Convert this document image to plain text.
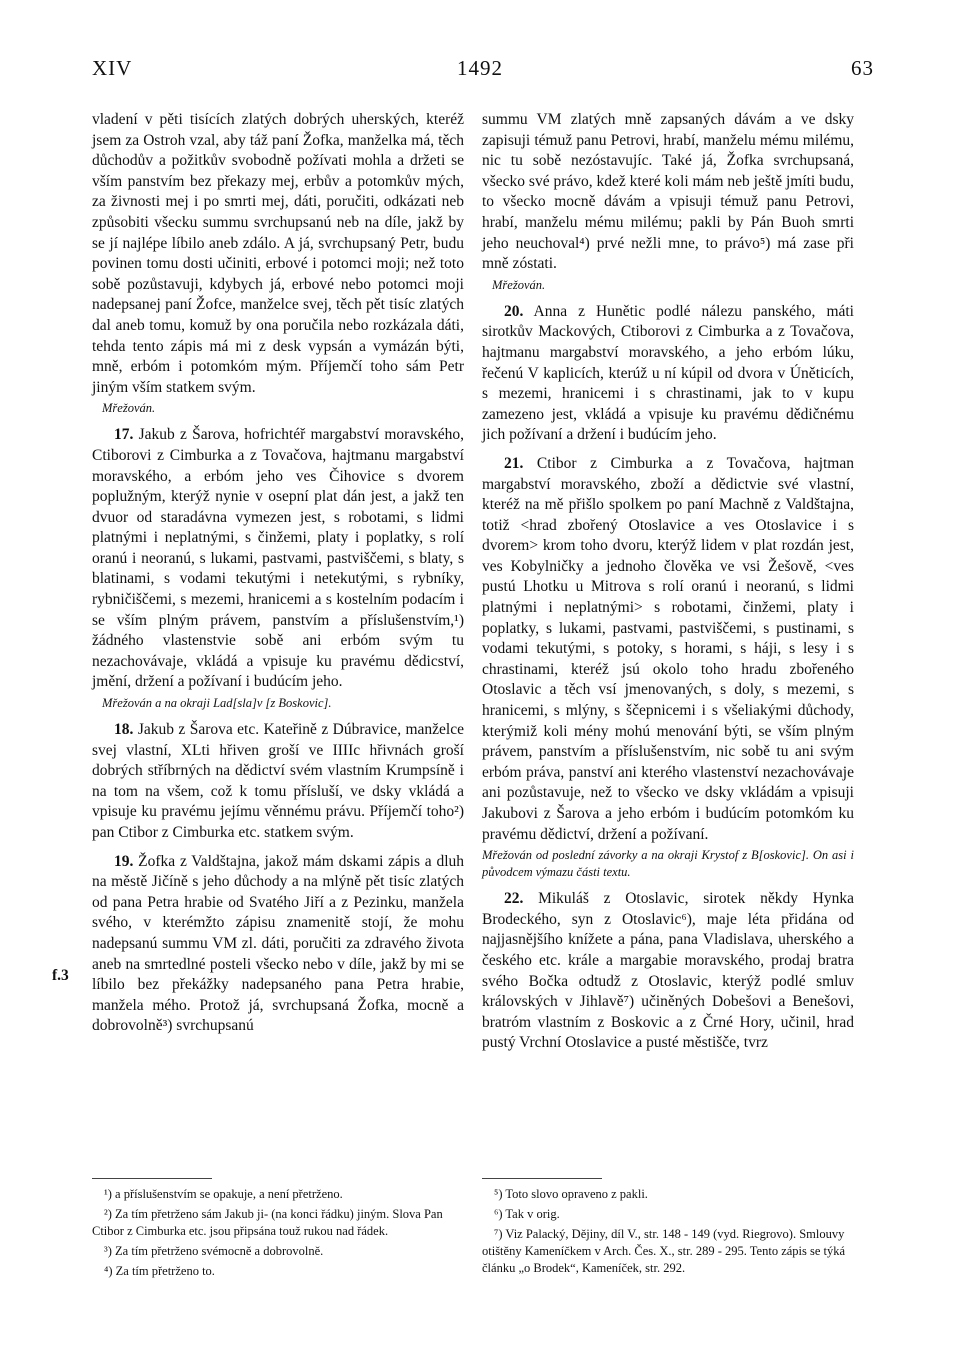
XIV	1492	63
f.3

vladení v pěti tisících zlatých dobrých uherských, kteréž jsem za Ostroh vzal, aby táž paní Žofka, manželka má, těch důchodův a požitkův svobodně požívati mohla a držeti se vším panstvím bez překazy mej, erbův a potomkův mých, za živnosti mej i po smrti mej, dáti, poručiti, odkázati neb způsobiti všecku summu svrchupsanú neb na díle, jakž by se jí najlépe líbilo aneb zdálo. A já, svrchupsaný Petr, budu povinen tomu dosti učiniti, erbové i potomci moji; než toto sobě pozůstavuji, kdybych já, erbové nebo potomci moji nadepsanej paní Žofce, manželce svej, těch pět tisíc zlatých dal aneb tomu, komuž by ona poručila nebo rozkázala dáti, tehda tento zápis má mi z desk vypsán a vymázán býti, mně, erbóm i potomkóm mým. Příjemčí toho sám Petr jiným vším statkem svým.

Mřežován.

17. Jakub z Šarova, hofrichtéř margabství moravského, Ctiborovi z Cimburka a z Tovačova, hajtmanu margabství moravského, a erbóm jeho ves Čihovice s dvorem poplužným, kterýž nynie v osepní plat dán jest, a jakž ten dvuor od staradávna vymezen jest, s robotami, s lidmi platnými i neplatnými, s činžemi, platy i poplatky, s rolí oranú i neoranú, s lukami, pastvami, pastviščemi, s blaty, s blatinami, s vodami tekutými i netekutými, s rybníky, rybničiščemi, s mezemi, hranicemi a s kostelním podacím i se vším plným právem, panstvím a příslušenstvím,¹) žádného vlastenstvie sobě ani erbóm svým tu nezachovávaje, vkládá a vpisuje ku pravému dědicství, jmění, držení a požívaní i budúcím jeho.

Mřežován a na okraji Lad[sla]v [z Boskovic].

18. Jakub z Šarova etc. Kateřině z Dúbravice, manželce svej vlastní, XLti hřiven groší ve IIIIc hřivnách groší dobrých stříbrných na dědictví svém vlastním Krumpsíně i na tom na všem, což k tomu přísluší, ve dsky vkládá a vpisuje ku pravému jejímu věnnému právu. Příjemčí toho²) pan Ctibor z Cimburka etc. statkem svým.

19. Žofka z Valdštajna, jakož mám dskami zápis a dluh na městě Jičíně s jeho důchody a na mlýně pět tisíc zlatých od pana Petra hrabie od Svatého Jiří a z Pezinku, manžela svého, v kterémžto zápisu znamenitě stojí, že mohu nadepsanú summu VM zl. dáti, poručiti za zdravého života aneb na smrtedlné posteli všecko nebo v díle, jakž by mi se líbilo bez překážky nadepsaného pana Petra hrabie, manžela mého. Protož já, svrchupsaná Žofka, mocně a dobrovolně³) svrchupsanú

summu VM zlatých mně zapsaných dávám a ve dsky zapisuji témuž panu Petrovi, hrabí, manželu mému milému, nic tu sobě nezóstavujíc. Také já, Žofka svrchupsaná, všecko své právo, kdež které koli mám neb ještě jmíti budu, to všecko mocně dávám a vpisuji témuž panu Petrovi, hrabí, manželu mému milému; pakli by Pán Buoh smrti jeho neuchoval⁴) prvé nežli mne, to právo⁵) má zase při mně zóstati.

Mřežován.

20. Anna z Hunětic podlé nálezu panského, máti sirotkův Mackových, Ctiborovi z Cimburka a z Tovačova, hajtmanu margabství moravského, a jeho erbóm lúku, řečenú V kaplicích, kterúž u ní kúpil od dvora v Úněticích, s mezemi, hranicemi i s chrastinami, jak to v kupu zamezeno jest, vkládá a vpisuje ku pravému dědičnému jich požívaní a držení i budúcím jeho.

21. Ctibor z Cimburka a z Tovačova, hajtman margabství moravského, zboží a dědictvie své vlastní, kteréž na mě přišlo spolkem po paní Machně z Valdštajna, totiž <hrad zbořený Otoslavice a ves Otoslavice i s dvorem> krom toho dvoru, kterýž lidem v plat rozdán jest, ves Kobylničky a jednoho člověka ve vsi Žešově, <ves pustú Lhotku u Mitrova s rolí oranú i neoranú, s lidmi platnými i neplatnými> s robotami, činžemi, platy i poplatky, s lukami, pastvami, pastviščemi, s pustinami, s vodami tekutými, s potoky, s horami, s háji, s lesy i s chrastinami, kteréž jsú okolo toho hradu zbořeného Otoslavic a těch vsí jmenovaných, s doly, s mezemi, s hranicemi, s mlýny, s ščepnicemi i s všeliakými důchody, kterýmiž koli mény mohú menování býti, se vším plným právem, panstvím a příslušenstvím, nic sobě tu ani svým erbóm práva, panství ani kterého vlastenství nezachovávaje ani pozůstavuje, než to všecko ve dsky vkládám a vpisuji Jakubovi z Šarova a jeho erbóm i budúcím potomkóm ku pravému dědictví, držení a požívaní.

Mřežován od poslední závorky a na okraji Krystof z B[oskovic]. On asi i původcem výmazu části textu.

22. Mikuláš z Otoslavic, sirotek někdy Hynka Brodeckého, syn z Otoslavic⁶), maje léta přidána od najjasnějšího knížete a pána, pana Vladislava, uherského a českého etc. krále a margabie moravského, prodaj bratra svého Bočka odtudž z Otoslavic, kterýž podlé smluv královských v Jihlavě⁷) učiněných Dobešovi a Benešovi, bratróm vlastním z Boskovic a z Črné Hory, učinil, hrad pustý Vrchní Otoslavice a pusté městiščе, tvrz

¹) a příslušenstvím se opakuje, a není přetrženo.

²) Za tím přetrženo sám Jakub ji- (na konci řádku) jiným. Slova Pan Ctibor z Cimburka etc. jsou připsána touž rukou nad řádek.

³) Za tím přetrženo svémocně a dobrovolně.

⁴) Za tím přetrženo to.

⁵) Toto slovo opraveno z pakli.

⁶) Tak v orig.

⁷) Viz Palacký, Dějiny, díl V., str. 148 - 149 (vyd. Riegrovo). Smlouvy otištěny Kameníčkem v Arch. Čes. X., str. 289 - 295. Tento zápis se týká článku „o Brodek“, Kameníček, str. 292.
